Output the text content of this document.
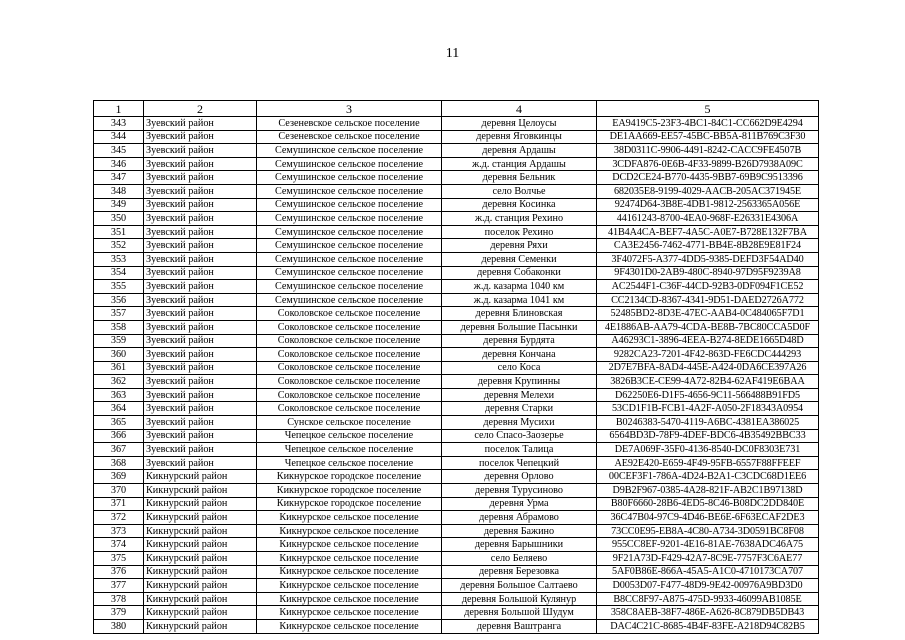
11
1	2	3	4	5
343	Зуевский район	Сезеневское сельское поселение	деревня Целоусы	EA9419C5-23F3-4BC1-84C1-CC662D9E4294
344	Зуевский район	Сезеневское сельское поселение	деревня Яговкинцы	DE1AA669-EE57-45BC-BB5A-811B769C3F30
345	Зуевский район	Семушинское сельское поселение	деревня Ардашы	38D0311C-9906-4491-8242-CACC9FE4507B
346	Зуевский район	Семушинское сельское поселение	ж.д. станция Ардашы	3CDFA876-0E6B-4F33-9899-B26D7938A09C
347	Зуевский район	Семушинское сельское поселение	деревня Бельник	DCD2CE24-B770-4435-9BB7-69B9C9513396
348	Зуевский район	Семушинское сельское поселение	село Волчье	682035E8-9199-4029-AACB-205AC371945E
349	Зуевский район	Семушинское сельское поселение	деревня Косинка	92474D64-3B8E-4DB1-9812-2563365A056E
350	Зуевский район	Семушинское сельское поселение	ж.д. станция Рехино	44161243-8700-4EA0-968F-E26331E4306A
351	Зуевский район	Семушинское сельское поселение	поселок Рехино	41B4A4CA-BEF7-4A5C-A0E7-B728E132F7BA
352	Зуевский район	Семушинское сельское поселение	деревня Ряхи	CA3E2456-7462-4771-BB4E-8B28E9E81F24
353	Зуевский район	Семушинское сельское поселение	деревня Семенки	3F4072F5-A377-4DD5-9385-DEFD3F54AD40
354	Зуевский район	Семушинское сельское поселение	деревня Собаконки	9F4301D0-2AB9-480C-8940-97D95F9239A8
355	Зуевский район	Семушинское сельское поселение	ж.д. казарма 1040 км	AC2544F1-C36F-44CD-92B3-0DF094F1CE52
356	Зуевский район	Семушинское сельское поселение	ж.д. казарма 1041 км	CC2134CD-8367-4341-9D51-DAED2726A772
357	Зуевский район	Соколовское сельское поселение	деревня Блиновская	52485BD2-8D3E-47EC-AAB4-0C484065F7D1
358	Зуевский район	Соколовское сельское поселение	деревня Большие Пасынки	4E1886AB-AA79-4CDA-BE8B-7BC80CCA5D0F
359	Зуевский район	Соколовское сельское поселение	деревня Бурдята	A46293C1-3896-4EEA-B274-8EDE1665D48D
360	Зуевский район	Соколовское сельское поселение	деревня Кончана	9282CA23-7201-4F42-863D-FE6CDC444293
361	Зуевский район	Соколовское сельское поселение	село Коса	2D7E7BFA-8AD4-445E-A424-0DA6CE397A26
362	Зуевский район	Соколовское сельское поселение	деревня Крупинны	3826B3CE-CE99-4A72-82B4-62AF419E6BAA
363	Зуевский район	Соколовское сельское поселение	деревня Мелехи	D62250E6-D1F5-4656-9C11-566488B91FD5
364	Зуевский район	Соколовское сельское поселение	деревня Старки	53CD1F1B-FCB1-4A2F-A050-2F18343A0954
365	Зуевский район	Сунское сельское поселение	деревня Мусихи	B0246383-5470-4119-A6BC-4381EA386025
366	Зуевский район	Чепецкое сельское поселение	село Спасо-Заозерье	6564BD3D-78F9-4DEF-BDC6-4B35492BBC33
367	Зуевский район	Чепецкое сельское поселение	поселок Талица	DE7A069F-35F0-4136-8540-DC0F8303E731
368	Зуевский район	Чепецкое сельское поселение	поселок Чепецкий	AE92E420-E659-4F49-95FB-6557F88FFEEF
369	Кикнурский район	Кикнурское городское поселение	деревня Орлово	00CEF3F1-786A-4D24-B2A1-C3CDC68D1EE6
370	Кикнурский район	Кикнурское городское поселение	деревня Турусиново	D9B2F967-0385-4A28-821F-AB2C1B97138D
371	Кикнурский район	Кикнурское городское поселение	деревня Урма	B80F6660-28B6-4ED5-8C46-B08DC2DD840E
372	Кикнурский район	Кикнурское сельское поселение	деревня Абрамово	36C47B04-97C9-4D46-BE6E-6F63ECAF2DE3
373	Кикнурский район	Кикнурское сельское поселение	деревня Бажино	73CC0E95-EB8A-4C80-A734-3D0591BC8F08
374	Кикнурский район	Кикнурское сельское поселение	деревня Барышники	955CC8EF-9201-4E16-81AE-7638ADC46A75
375	Кикнурский район	Кикнурское сельское поселение	село Беляево	9F21A73D-F429-42A7-8C9E-7757F3C6AE77
376	Кикнурский район	Кикнурское сельское поселение	деревня Березовка	5AF0B86E-866A-45A5-A1C0-4710173CA707
377	Кикнурский район	Кикнурское сельское поселение	деревня Большое Салтаево	D0053D07-F477-48D9-9E42-00976A9BD3D0
378	Кикнурский район	Кикнурское сельское поселение	деревня Большой Кулянур	B8CC8F97-A875-475D-9933-46099AB1085E
379	Кикнурский район	Кикнурское сельское поселение	деревня Большой Шудум	358C8AEB-38F7-486E-A626-8C879DB5DB43
380	Кикнурский район	Кикнурское сельское поселение	деревня Ваштранга	DAC4C21C-8685-4B4F-83FE-A218D94C82B5
